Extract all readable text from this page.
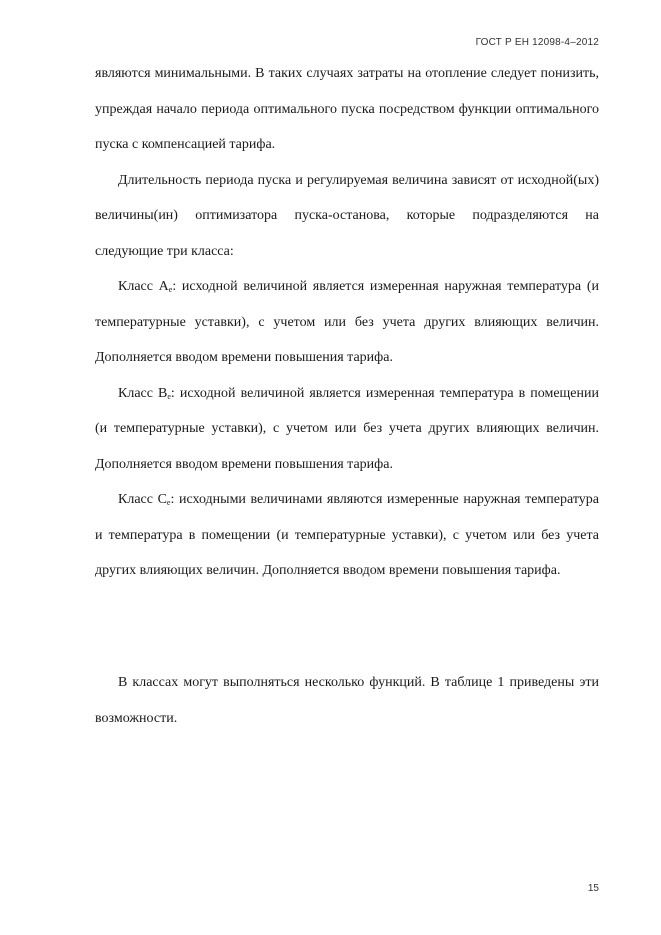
ГОСТ Р ЕН 12098-4–2012

являются минимальными. В таких случаях затраты на отопление следует понизить, упреждая начало периода оптимального пуска посредством функции оптимального пуска с компенсацией тарифа.

Длительность периода пуска и регулируемая величина зависят от исходной(ых) величины(ин) оптимизатора пуска-останова, которые подразделяются на следующие три класса:

Класс $A_e$: исходной величиной является измеренная наружная температура (и температурные уставки), с учетом или без учета других влияющих величин. Дополняется вводом времени повышения тарифа.

Класс $B_e$: исходной величиной является измеренная температура в помещении (и температурные уставки), с учетом или без учета других влияющих величин. Дополняется вводом времени повышения тарифа.

Класс $C_e$: исходными величинами являются измеренные наружная температура и температура в помещении (и температурные уставки), с учетом или без учета других влияющих величин. Дополняется вводом времени повышения тарифа.

В классах могут выполняться несколько функций. В таблице 1 приведены эти возможности.

15
